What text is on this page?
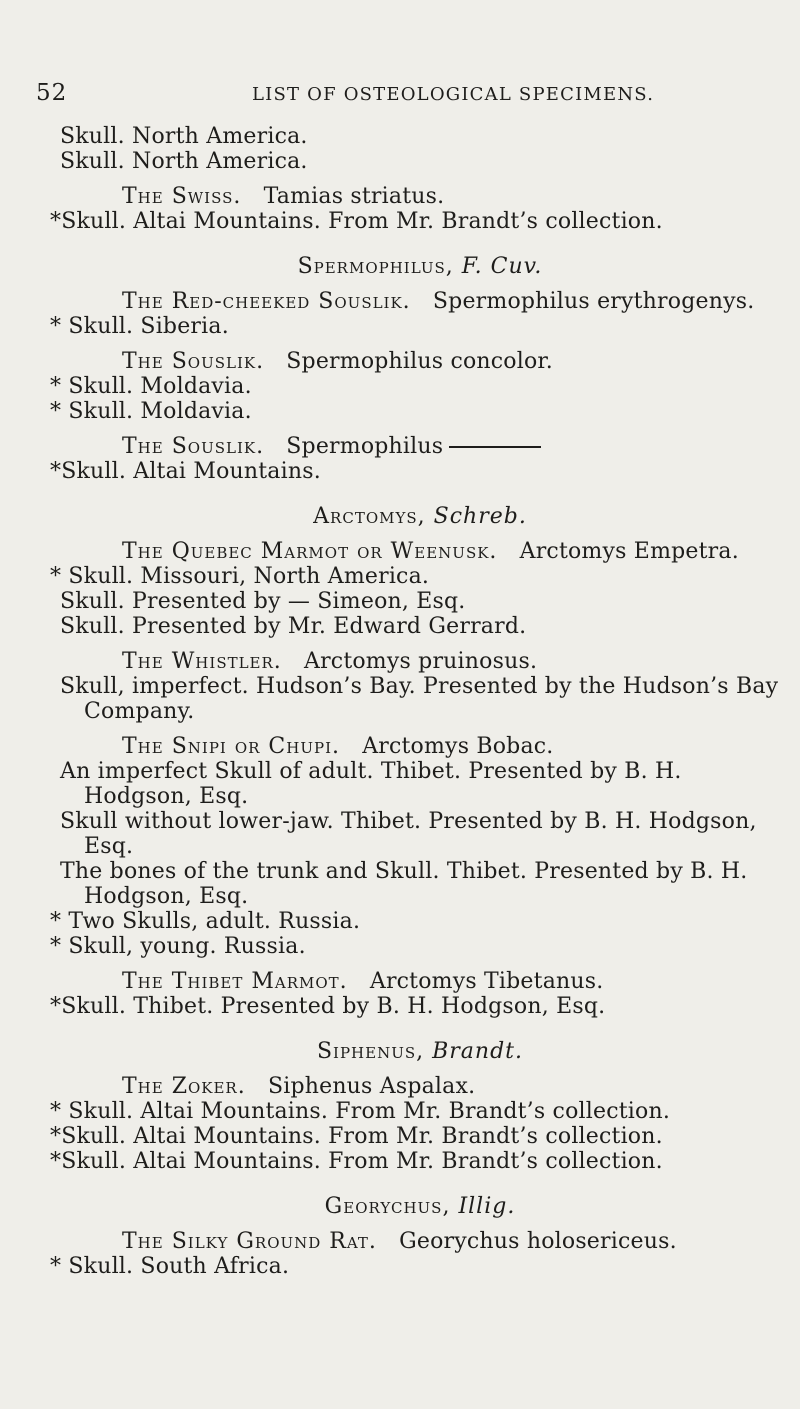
52	LIST OF OSTEOLOGICAL SPECIMENS.
Skull. North America.
Skull. North America.
The Swiss.  Tamias striatus.
*Skull. Altai Mountains. From Mr. Brandt’s collection.
Spermophilus, F. Cuv.
The Red-cheeked Souslik.  Spermophilus erythrogenys.
* Skull. Siberia.
The Souslik.  Spermophilus concolor.
* Skull. Moldavia.
* Skull. Moldavia.
The Souslik.  Spermophilus
*Skull. Altai Mountains.
Arctomys, Schreb.
The Quebec Marmot or Weenusk.  Arctomys Empetra.
* Skull. Missouri, North America.
Skull. Presented by — Simeon, Esq.
Skull. Presented by Mr. Edward Gerrard.
The Whistler.  Arctomys pruinosus.
Skull, imperfect. Hudson’s Bay. Presented by the Hudson’s Bay Company.
The Snipi or Chupi.  Arctomys Bobac.
An imperfect Skull of adult. Thibet. Presented by B. H. Hodgson, Esq.
Skull without lower-jaw. Thibet. Presented by B. H. Hodgson, Esq.
The bones of the trunk and Skull. Thibet. Presented by B. H. Hodgson, Esq.
* Two Skulls, adult. Russia.
* Skull, young. Russia.
The Thibet Marmot.  Arctomys Tibetanus.
*Skull. Thibet. Presented by B. H. Hodgson, Esq.
Siphenus, Brandt.
The Zoker.  Siphenus Aspalax.
* Skull. Altai Mountains. From Mr. Brandt’s collection.
*Skull. Altai Mountains. From Mr. Brandt’s collection.
*Skull. Altai Mountains. From Mr. Brandt’s collection.
Georychus, Illig.
The Silky Ground Rat.  Georychus holosericeus.
* Skull. South Africa.
